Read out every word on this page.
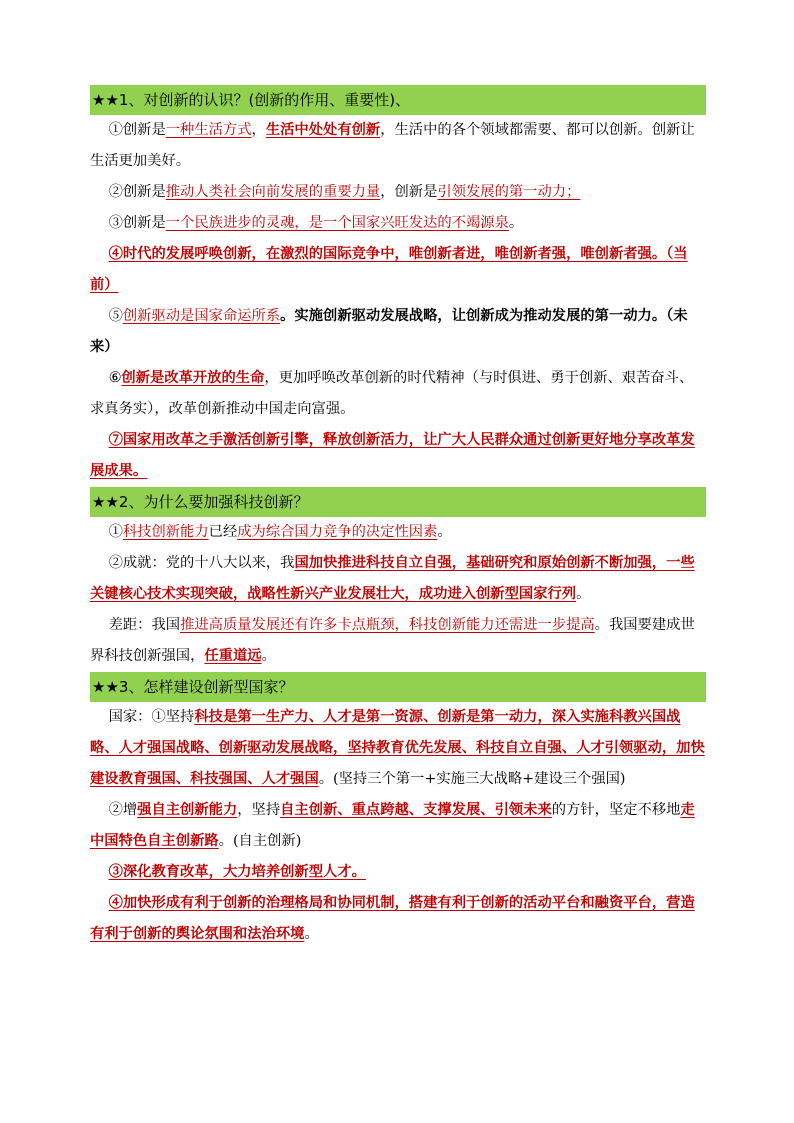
★★1、对创新的认识？(创新的作用、重要性)、

①创新是一种生活方式，生活中处处有创新，生活中的各个领域都需要、都可以创新。创新让生活更加美好。

②创新是推动人类社会向前发展的重要力量，创新是引领发展的第一动力；

③创新是一个民族进步的灵魂，是一个国家兴旺发达的不竭源泉。

④时代的发展呼唤创新，在激烈的国际竞争中，唯创新者进，唯创新者强，唯创新者强。（当前）

⑤创新驱动是国家命运所系。实施创新驱动发展战略，让创新成为推动发展的第一动力。（未来）

⑥创新是改革开放的生命，更加呼唤改革创新的时代精神（与时俱进、勇于创新、艰苦奋斗、求真务实），改革创新推动中国走向富强。

⑦国家用改革之手激活创新引擎，释放创新活力，让广大人民群众通过创新更好地分享改革发展成果。

★★2、为什么要加强科技创新？

①科技创新能力已经成为综合国力竞争的决定性因素。

②成就：党的十八大以来，我国加快推进科技自立自强，基础研究和原始创新不断加强，一些关键核心技术实现突破，战略性新兴产业发展壮大，成功进入创新型国家行列。

差距：我国推进高质量发展还有许多卡点瓶颈，科技创新能力还需进一步提高。我国要建成世界科技创新强国，任重道远。

★★3、怎样建设创新型国家？

国家：①坚持科技是第一生产力、人才是第一资源、创新是第一动力，深入实施科教兴国战略、人才强国战略、创新驱动发展战略，坚持教育优先发展、科技自立自强、人才引领驱动，加快建设教育强国、科技强国、人才强国。(坚持三个第一+实施三大战略+建设三个强国)

②增强自主创新能力，坚持自主创新、重点跨越、支撑发展、引领未来的方针，坚定不移地走中国特色自主创新路。(自主创新)

③深化教育改革，大力培养创新型人才。

④加快形成有利于创新的治理格局和协同机制，搭建有利于创新的活动平台和融资平台，营造有利于创新的舆论氛围和法治环境。
